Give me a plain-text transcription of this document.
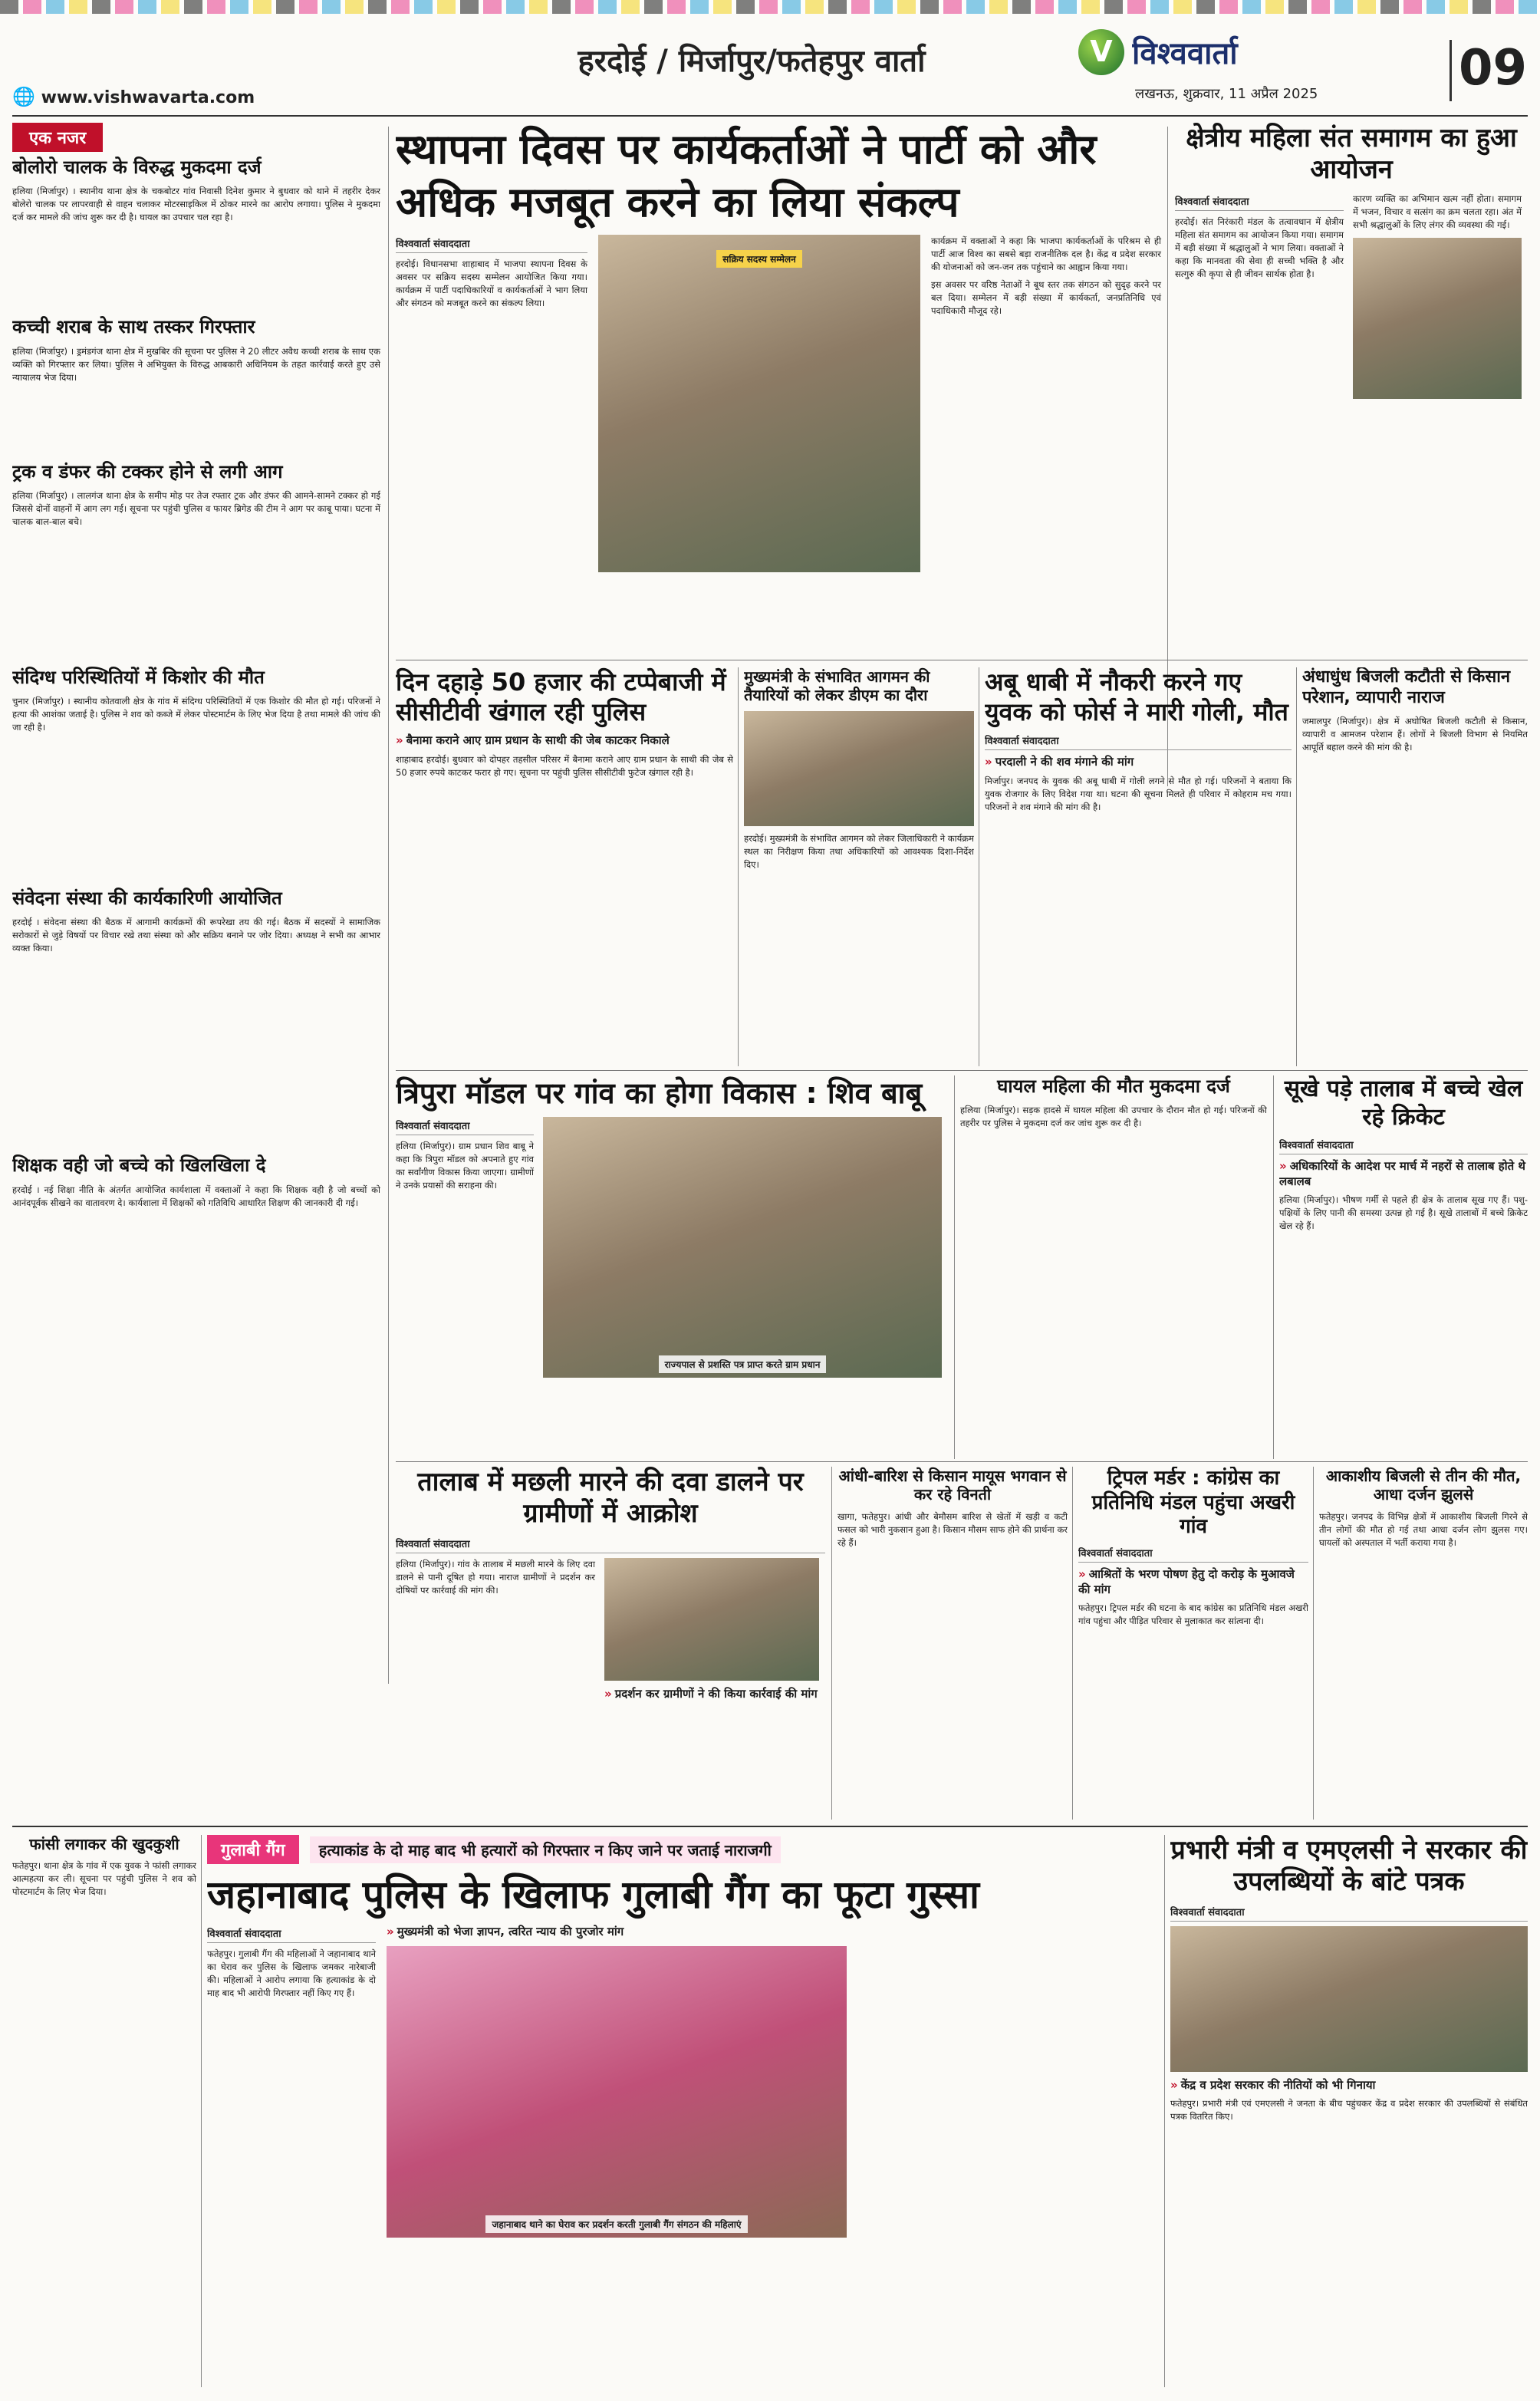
हरदोई / मिर्जापुर/फतेहपुर वार्ता
🌐 www.vishwavarta.com
V विश्ववार्ता
लखनऊ, शुक्रवार, 11 अप्रैल 2025	09
एक नजर
बोलोरो चालक के विरुद्ध मुकदमा दर्ज

हलिया (मिर्जापुर) । स्थानीय थाना क्षेत्र के चकबोटर गांव निवासी दिनेश कुमार ने बुधवार को थाने में तहरीर देकर बोलेरो चालक पर लापरवाही से वाहन चलाकर मोटरसाइकिल में ठोकर मारने का आरोप लगाया। पुलिस ने मुकदमा दर्ज कर मामले की जांच शुरू कर दी है। घायल का उपचार चल रहा है।

कच्ची शराब के साथ तस्कर गिरफ्तार

हलिया (मिर्जापुर) । ड्रमंडगंज थाना क्षेत्र में मुखबिर की सूचना पर पुलिस ने 20 लीटर अवैध कच्ची शराब के साथ एक व्यक्ति को गिरफ्तार कर लिया। पुलिस ने अभियुक्त के विरुद्ध आबकारी अधिनियम के तहत कार्रवाई करते हुए उसे न्यायालय भेज दिया।

ट्रक व डंफर की टक्कर होने से लगी आग

हलिया (मिर्जापुर) । लालगंज थाना क्षेत्र के समीप मोड़ पर तेज रफ्तार ट्रक और डंफर की आमने-सामने टक्कर हो गई जिससे दोनों वाहनों में आग लग गई। सूचना पर पहुंची पुलिस व फायर ब्रिगेड की टीम ने आग पर काबू पाया। घटना में चालक बाल-बाल बचे।

संदिग्ध परिस्थितियों में किशोर की मौत

चुनार (मिर्जापुर) । स्थानीय कोतवाली क्षेत्र के गांव में संदिग्ध परिस्थितियों में एक किशोर की मौत हो गई। परिजनों ने हत्या की आशंका जताई है। पुलिस ने शव को कब्जे में लेकर पोस्टमार्टम के लिए भेज दिया है तथा मामले की जांच की जा रही है।

संवेदना संस्था की कार्यकारिणी आयोजित

हरदोई । संवेदना संस्था की बैठक में आगामी कार्यक्रमों की रूपरेखा तय की गई। बैठक में सदस्यों ने सामाजिक सरोकारों से जुड़े विषयों पर विचार रखे तथा संस्था को और सक्रिय बनाने पर जोर दिया। अध्यक्ष ने सभी का आभार व्यक्त किया।

शिक्षक वही जो बच्चे को खिलखिला दे

हरदोई । नई शिक्षा नीति के अंतर्गत आयोजित कार्यशाला में वक्ताओं ने कहा कि शिक्षक वही है जो बच्चों को आनंदपूर्वक सीखने का वातावरण दे। कार्यशाला में शिक्षकों को गतिविधि आधारित शिक्षण की जानकारी दी गई।

स्थापना दिवस पर कार्यकर्ताओं ने पार्टी को और अधिक मजबूत करने का लिया संकल्प
विश्ववार्ता संवाददाता

हरदोई। विधानसभा शाहाबाद में भाजपा स्थापना दिवस के अवसर पर सक्रिय सदस्य सम्मेलन आयोजित किया गया। कार्यक्रम में पार्टी पदाधिकारियों व कार्यकर्ताओं ने भाग लिया और संगठन को मजबूत करने का संकल्प लिया।

सक्रिय सदस्य सम्मेलन

कार्यक्रम में वक्ताओं ने कहा कि भाजपा कार्यकर्ताओं के परिश्रम से ही पार्टी आज विश्व का सबसे बड़ा राजनीतिक दल है। केंद्र व प्रदेश सरकार की योजनाओं को जन-जन तक पहुंचाने का आह्वान किया गया।

इस अवसर पर वरिष्ठ नेताओं ने बूथ स्तर तक संगठन को सुदृढ़ करने पर बल दिया। सम्मेलन में बड़ी संख्या में कार्यकर्ता, जनप्रतिनिधि एवं पदाधिकारी मौजूद रहे।

क्षेत्रीय महिला संत समागम का हुआ आयोजन
विश्ववार्ता संवाददाता

हरदोई। संत निरंकारी मंडल के तत्वावधान में क्षेत्रीय महिला संत समागम का आयोजन किया गया। समागम में बड़ी संख्या में श्रद्धालुओं ने भाग लिया। वक्ताओं ने कहा कि मानवता की सेवा ही सच्ची भक्ति है और सत्गुरु की कृपा से ही जीवन सार्थक होता है।

कारण व्यक्ति का अभिमान खत्म नहीं होता। समागम में भजन, विचार व सत्संग का क्रम चलता रहा। अंत में सभी श्रद्धालुओं के लिए लंगर की व्यवस्था की गई।

दिन दहाड़े 50 हजार की टप्पेबाजी में सीसीटीवी खंगाल रही पुलिस
» बैनामा कराने आए ग्राम प्रधान के साथी की जेब काटकर निकाले

शाहाबाद हरदोई। बुधवार को दोपहर तहसील परिसर में बैनामा कराने आए ग्राम प्रधान के साथी की जेब से 50 हजार रुपये काटकर फरार हो गए। सूचना पर पहुंची पुलिस सीसीटीवी फुटेज खंगाल रही है।

मुख्यमंत्री के संभावित आगमन की तैयारियों को लेकर डीएम का दौरा

हरदोई। मुख्यमंत्री के संभावित आगमन को लेकर जिलाधिकारी ने कार्यक्रम स्थल का निरीक्षण किया तथा अधिकारियों को आवश्यक दिशा-निर्देश दिए।

अबू धाबी में नौकरी करने गए युवक को फोर्स ने मारी गोली, मौत
विश्ववार्ता संवाददाता
» परदाली ने की शव मंगाने की मांग

मिर्जापुर। जनपद के युवक की अबू धाबी में गोली लगने से मौत हो गई। परिजनों ने बताया कि युवक रोजगार के लिए विदेश गया था। घटना की सूचना मिलते ही परिवार में कोहराम मच गया। परिजनों ने शव मंगाने की मांग की है।

अंधाधुंध बिजली कटौती से किसान परेशान, व्यापारी नाराज

जमालपुर (मिर्जापुर)। क्षेत्र में अघोषित बिजली कटौती से किसान, व्यापारी व आमजन परेशान हैं। लोगों ने बिजली विभाग से नियमित आपूर्ति बहाल करने की मांग की है।

त्रिपुरा मॉडल पर गांव का होगा विकास : शिव बाबू
विश्ववार्ता संवाददाता

हलिया (मिर्जापुर)। ग्राम प्रधान शिव बाबू ने कहा कि त्रिपुरा मॉडल को अपनाते हुए गांव का सर्वांगीण विकास किया जाएगा। ग्रामीणों ने उनके प्रयासों की सराहना की।

राज्यपाल से प्रशस्ति पत्र प्राप्त करते ग्राम प्रधान
घायल महिला की मौत मुकदमा दर्ज

हलिया (मिर्जापुर)। सड़क हादसे में घायल महिला की उपचार के दौरान मौत हो गई। परिजनों की तहरीर पर पुलिस ने मुकदमा दर्ज कर जांच शुरू कर दी है।

सूखे पड़े तालाब में बच्चे खेल रहे क्रिकेट
विश्ववार्ता संवाददाता
» अधिकारियों के आदेश पर मार्च में नहरों से तालाब होते थे लबालब

हलिया (मिर्जापुर)। भीषण गर्मी से पहले ही क्षेत्र के तालाब सूख गए हैं। पशु-पक्षियों के लिए पानी की समस्या उत्पन्न हो गई है। सूखे तालाबों में बच्चे क्रिकेट खेल रहे हैं।

तालाब में मछली मारने की दवा डालने पर ग्रामीणों में आक्रोश
विश्ववार्ता संवाददाता

हलिया (मिर्जापुर)। गांव के तालाब में मछली मारने के लिए दवा डालने से पानी दूषित हो गया। नाराज ग्रामीणों ने प्रदर्शन कर दोषियों पर कार्रवाई की मांग की।

» प्रदर्शन कर ग्रामीणों ने की किया कार्रवाई की मांग
आंधी-बारिश से किसान मायूस भगवान से कर रहे विनती

खागा, फतेहपुर। आंधी और बेमौसम बारिश से खेतों में खड़ी व कटी फसल को भारी नुकसान हुआ है। किसान मौसम साफ होने की प्रार्थना कर रहे हैं।

ट्रिपल मर्डर : कांग्रेस का प्रतिनिधि मंडल पहुंचा अखरी गांव
विश्ववार्ता संवाददाता
» आश्रितों के भरण पोषण हेतु दो करोड़ के मुआवजे की मांग

फतेहपुर। ट्रिपल मर्डर की घटना के बाद कांग्रेस का प्रतिनिधि मंडल अखरी गांव पहुंचा और पीड़ित परिवार से मुलाकात कर सांत्वना दी।

आकाशीय बिजली से तीन की मौत, आधा दर्जन झुलसे

फतेहपुर। जनपद के विभिन्न क्षेत्रों में आकाशीय बिजली गिरने से तीन लोगों की मौत हो गई तथा आधा दर्जन लोग झुलस गए। घायलों को अस्पताल में भर्ती कराया गया है।

फांसी लगाकर की खुदकुशी

फतेहपुर। थाना क्षेत्र के गांव में एक युवक ने फांसी लगाकर आत्महत्या कर ली। सूचना पर पहुंची पुलिस ने शव को पोस्टमार्टम के लिए भेज दिया।

गुलाबी गैंग	हत्याकांड के दो माह बाद भी हत्यारों को गिरफ्तार न किए जाने पर जताई नाराजगी
जहानाबाद पुलिस के खिलाफ गुलाबी गैंग का फूटा गुस्सा
विश्ववार्ता संवाददाता

फतेहपुर। गुलाबी गैंग की महिलाओं ने जहानाबाद थाने का घेराव कर पुलिस के खिलाफ जमकर नारेबाजी की। महिलाओं ने आरोप लगाया कि हत्याकांड के दो माह बाद भी आरोपी गिरफ्तार नहीं किए गए हैं।

» मुख्यमंत्री को भेजा ज्ञापन, त्वरित न्याय की पुरजोर मांग
जहानाबाद थाने का घेराव कर प्रदर्शन करती गुलाबी गैंग संगठन की महिलाएं
प्रभारी मंत्री व एमएलसी ने सरकार की उपलब्धियों के बांटे पत्रक
विश्ववार्ता संवाददाता
» केंद्र व प्रदेश सरकार की नीतियों को भी गिनाया

फतेहपुर। प्रभारी मंत्री एवं एमएलसी ने जनता के बीच पहुंचकर केंद्र व प्रदेश सरकार की उपलब्धियों से संबंधित पत्रक वितरित किए।
